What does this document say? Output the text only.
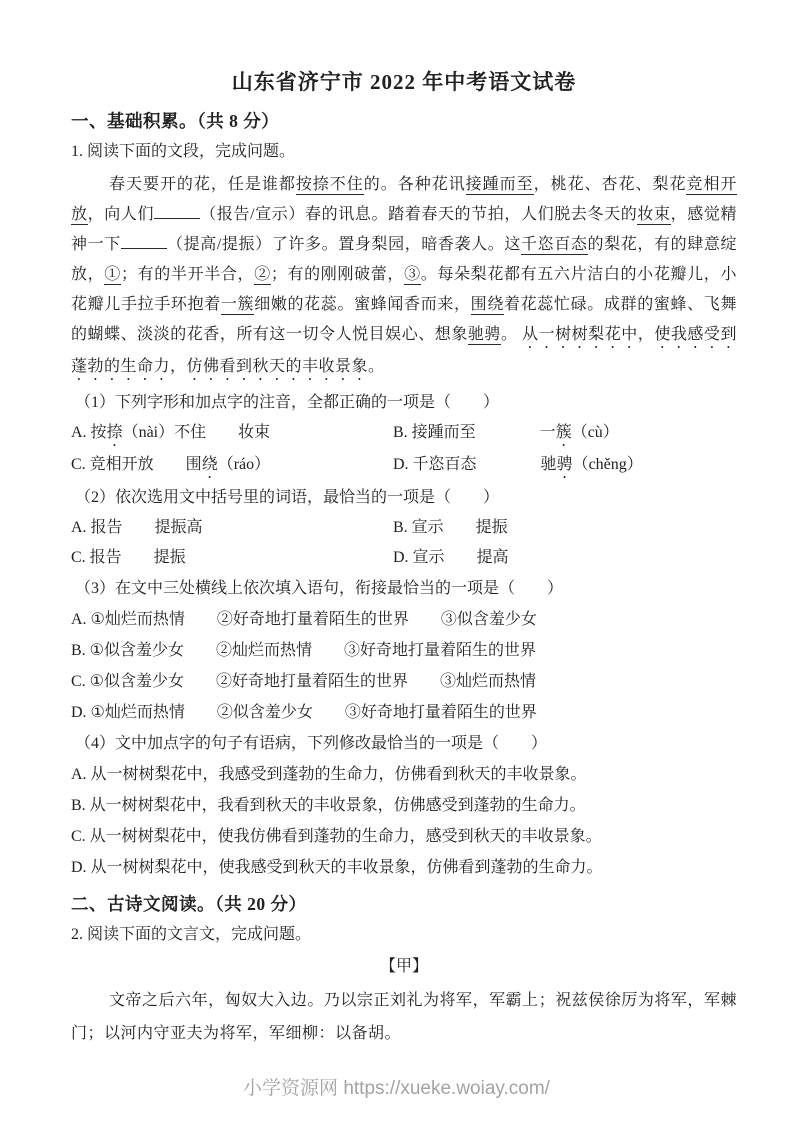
山东省济宁市 2022 年中考语文试卷
一、基础积累。（共 8 分）

1. 阅读下面的文段，完成问题。

春天要开的花，任是谁都按捺不住的。各种花讯接踵而至，桃花、杏花、梨花竞相开放，向人们	（报告/宣示）春的讯息。踏着春天的节拍，人们脱去冬天的妆束，感觉精神一下	（提高/提振）了许多。置身梨园，暗香袭人。这千恣百态的梨花，有的肆意绽放，①；有的半开半合，②；有的刚刚破蕾，③。每朵梨花都有五六片洁白的小花瓣儿，小花瓣儿手拉手环抱着一簇细嫩的花蕊。蜜蜂闻香而来，围绕着花蕊忙碌。成群的蜜蜂、飞舞的蝴蝶、淡淡的花香，所有这一切令人悦目娱心、想象驰骋。 从一树树梨花中，使我感受到蓬勃的生命力，仿佛看到秋天的丰收景象。

（1）下列字形和加点字的注音，全都正确的一项是（　　）

A. 按捺（nài）不住　　妆束	B. 接踵而至　　　　一簇（cù）

C. 竞相开放　　围绕（ráo）	D. 千恣百态　　　　驰骋（chěng）

（2）依次选用文中括号里的词语，最恰当的一项是（　　）

A. 报告　　提振高	B. 宣示　　提振

C. 报告　　提振	D. 宣示　　提高

（3）在文中三处横线上依次填入语句，衔接最恰当的一项是（　　）

A. ①灿烂而热情　　②好奇地打量着陌生的世界　　③似含羞少女

B. ①似含羞少女　　②灿烂而热情　　③好奇地打量着陌生的世界

C. ①似含羞少女　　②好奇地打量着陌生的世界　　③灿烂而热情

D. ①灿烂而热情　　②似含羞少女　　③好奇地打量着陌生的世界

（4）文中加点字的句子有语病，下列修改最恰当的一项是（　　）

A. 从一树树梨花中，我感受到蓬勃的生命力，仿佛看到秋天的丰收景象。

B. 从一树树梨花中，我看到秋天的丰收景象，仿佛感受到蓬勃的生命力。

C. 从一树树梨花中，使我仿佛看到蓬勃的生命力，感受到秋天的丰收景象。

D. 从一树树梨花中，使我感受到秋天的丰收景象，仿佛看到蓬勃的生命力。

二、古诗文阅读。（共 20 分）

2. 阅读下面的文言文，完成问题。

【甲】

文帝之后六年，匈奴大入边。乃以宗正刘礼为将军，军霸上；祝兹侯徐厉为将军，军棘门；以河内守亚夫为将军，军细柳：以备胡。

小学资源网 https://xueke.woiay.com/
